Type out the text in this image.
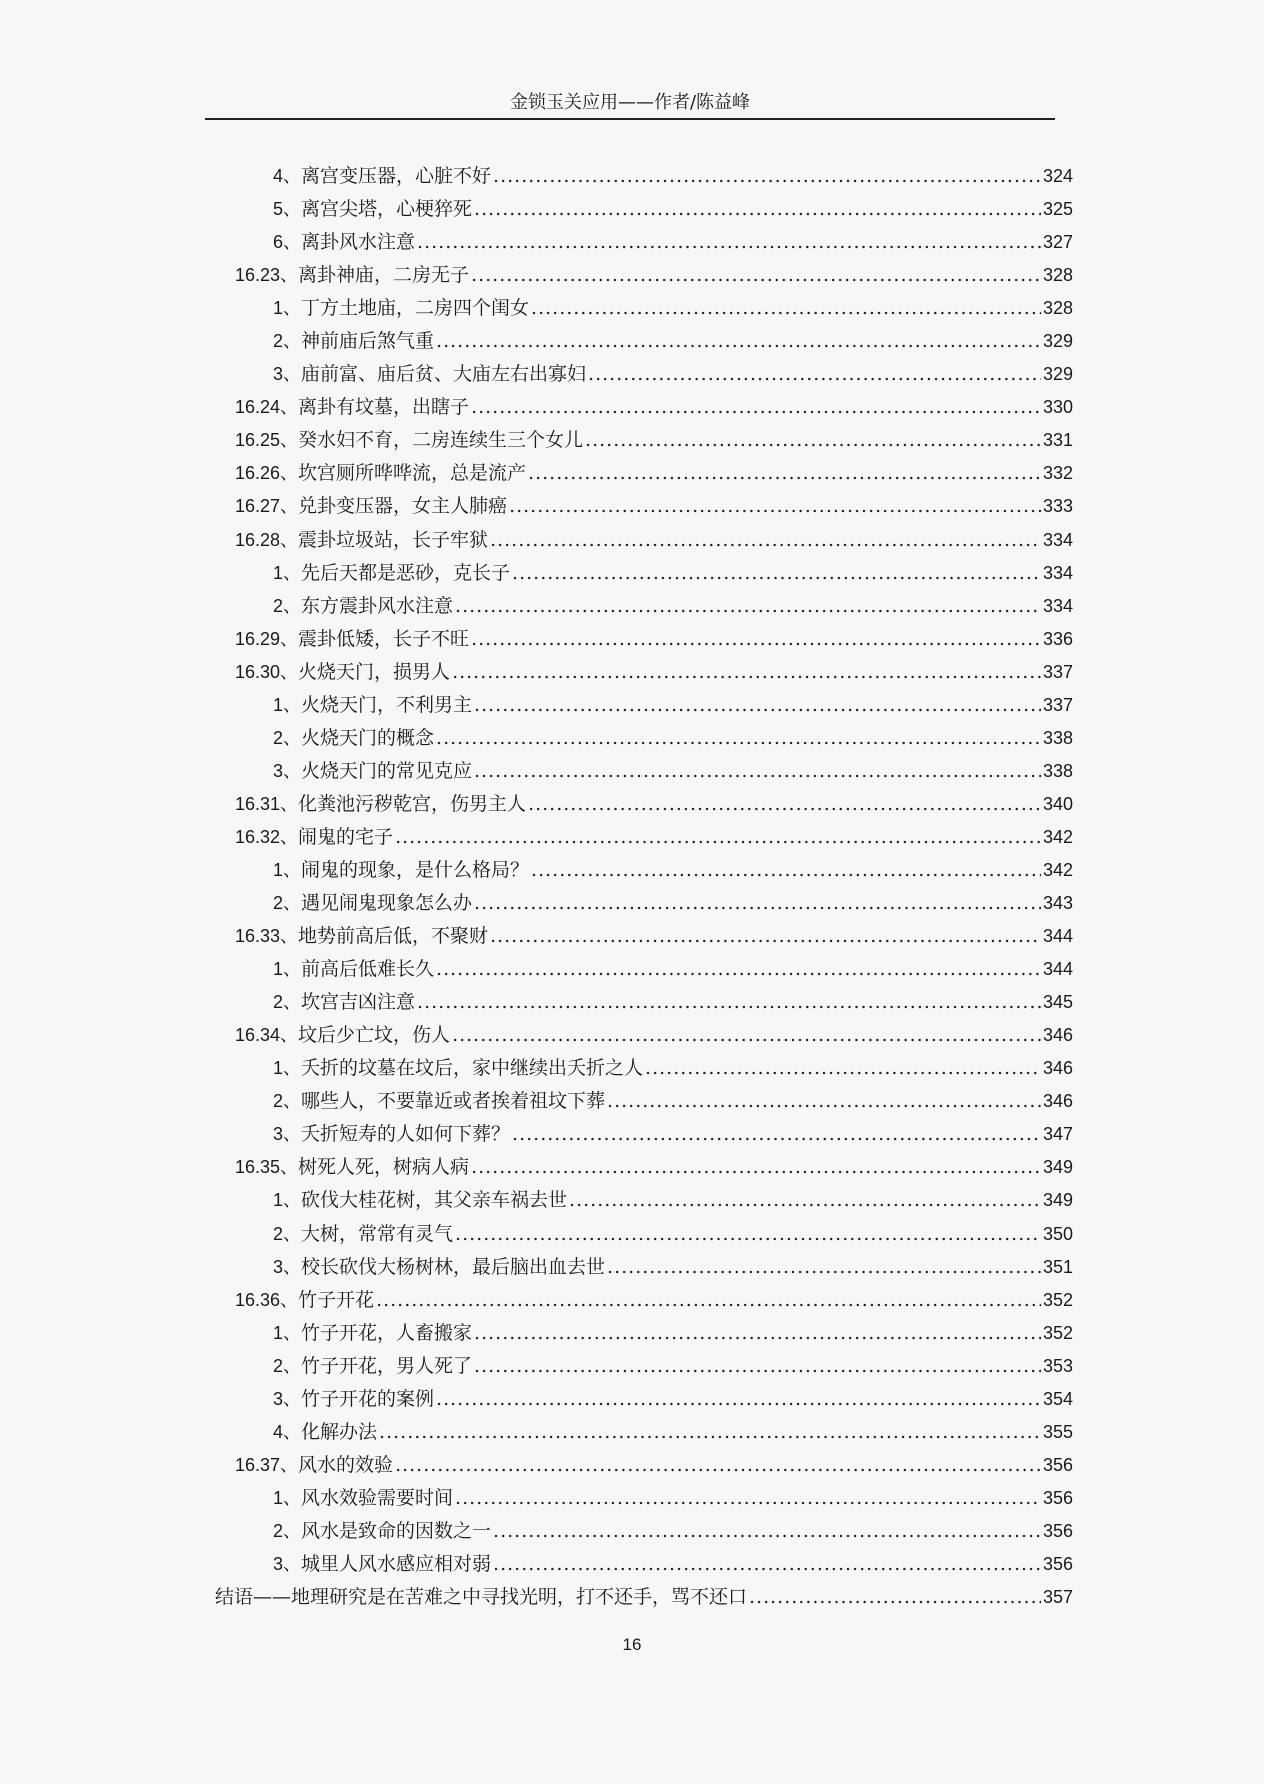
金锁玉关应用——作者/陈益峰
4、离宫变压器，心脏不好 .....	324
5、离宫尖塔，心梗猝死 .....	325
6、离卦风水注意 .....	327
16.23、离卦神庙，二房无子 .....	328
1、丁方土地庙，二房四个闺女 .....	328
2、神前庙后煞气重 .....	329
3、庙前富、庙后贫、大庙左右出寡妇 .....	329
16.24、离卦有坟墓，出瞎子 .....	330
16.25、癸水妇不育，二房连续生三个女儿 .....	331
16.26、坎宫厕所哗哗流，总是流产 .....	332
16.27、兑卦变压器，女主人肺癌 .....	333
16.28、震卦垃圾站，长子牢狱 .....	334
1、先后天都是恶砂，克长子 .....	334
2、东方震卦风水注意 .....	334
16.29、震卦低矮，长子不旺 .....	336
16.30、火烧天门，损男人 .....	337
1、火烧天门，不利男主 .....	337
2、火烧天门的概念 .....	338
3、火烧天门的常见克应 .....	338
16.31、化粪池污秽乾宫，伤男主人 .....	340
16.32、闹鬼的宅子 .....	342
1、闹鬼的现象，是什么格局？ .....	342
2、遇见闹鬼现象怎么办 .....	343
16.33、地势前高后低，不聚财 .....	344
1、前高后低难长久 .....	344
2、坎宫吉凶注意 .....	345
16.34、坟后少亡坟，伤人 .....	346
1、夭折的坟墓在坟后，家中继续出夭折之人 .....	346
2、哪些人，不要靠近或者挨着祖坟下葬 .....	346
3、夭折短寿的人如何下葬？ .....	347
16.35、树死人死，树病人病 .....	349
1、砍伐大桂花树，其父亲车祸去世 .....	349
2、大树，常常有灵气 .....	350
3、校长砍伐大杨树林，最后脑出血去世 .....	351
16.36、竹子开花 .....	352
1、竹子开花，人畜搬家 .....	352
2、竹子开花，男人死了 .....	353
3、竹子开花的案例 .....	354
4、化解办法 .....	355
16.37、风水的效验 .....	356
1、风水效验需要时间 .....	356
2、风水是致命的因数之一 .....	356
3、城里人风水感应相对弱 .....	356
结语——地理研究是在苦难之中寻找光明，打不还手，骂不还口 .....	357
16
